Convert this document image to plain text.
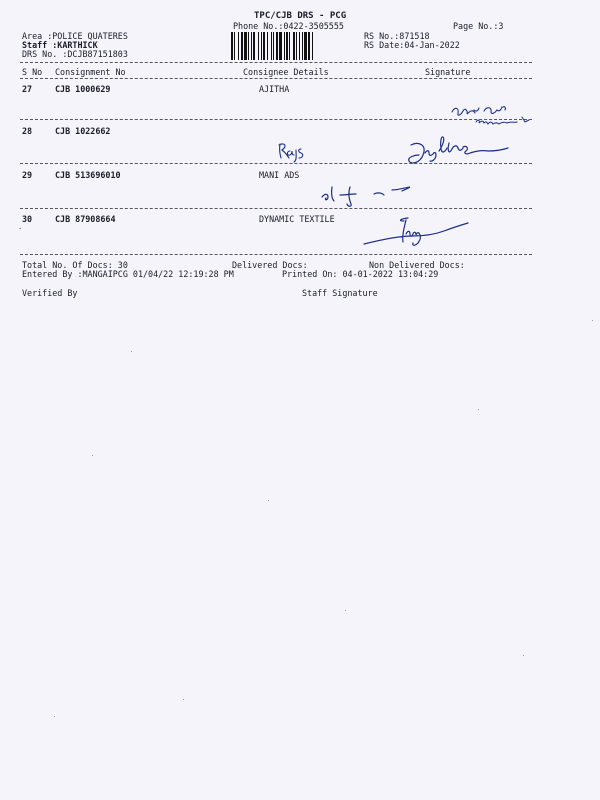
TPC/CJB DRS - PCG
Phone No.:0422-3505555	Page No.:3
Area :POLICE QUATERES
Staff :KARTHICK
DRS No. :DCJB87151803
RS No.:871518
RS Date:04-Jan-2022
S No Consignment No	Consignee Details	Signature
27	CJB 1000629	AJITHA
28	CJB 1022662
29	CJB 513696010	MANI ADS
30	CJB 87908664	DYNAMIC TEXTILE
·
Total No. Of Docs: 30	Delivered Docs:	Non Delivered Docs:
Entered By :MANGAIPCG 01/04/22 12:19:28 PM	Printed On: 04-01-2022 13:04:29
Verified By	Staff Signature
